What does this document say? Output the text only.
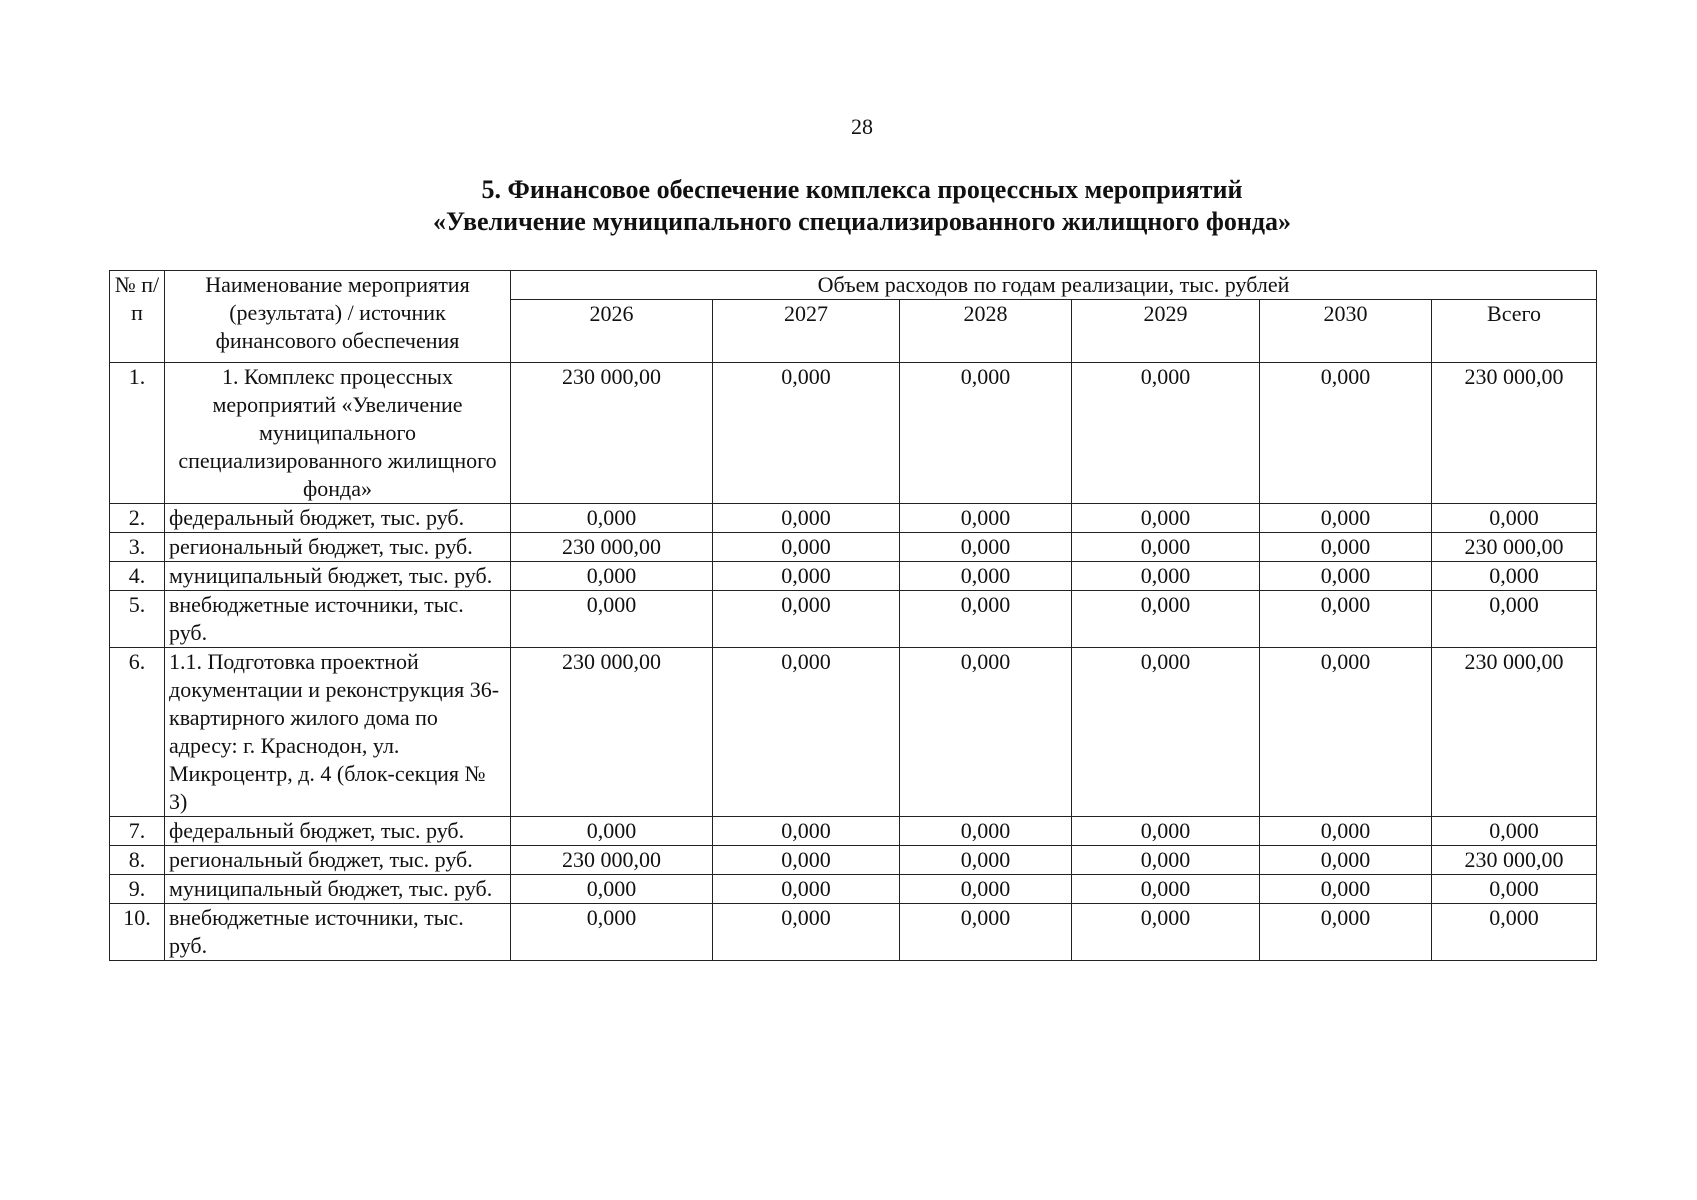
28
5. Финансовое обеспечение комплекса процессных мероприятий
«Увеличение муниципального специализированного жилищного фонда»
№ п/п	Наименование мероприятия (результата) / источник финансового обеспечения	Объем расходов по годам реализации, тыс. рублей					
		2026	2027	2028	2029	2030	Всего
1.	1. Комплекс процессных мероприятий «Увеличение муниципального специализированного жилищного фонда»	230 000,00	0,000	0,000	0,000	0,000	230 000,00
2.	федеральный бюджет, тыс. руб.	0,000	0,000	0,000	0,000	0,000	0,000
3.	региональный бюджет, тыс. руб.	230 000,00	0,000	0,000	0,000	0,000	230 000,00
4.	муниципальный бюджет, тыс. руб.	0,000	0,000	0,000	0,000	0,000	0,000
5.	внебюджетные источники, тыс. руб.	0,000	0,000	0,000	0,000	0,000	0,000
6.	1.1. Подготовка проектной документации и реконструкция 36-квартирного жилого дома по адресу: г. Краснодон, ул. Микроцентр, д. 4 (блок-секция № 3)	230 000,00	0,000	0,000	0,000	0,000	230 000,00
7.	федеральный бюджет, тыс. руб.	0,000	0,000	0,000	0,000	0,000	0,000
8.	региональный бюджет, тыс. руб.	230 000,00	0,000	0,000	0,000	0,000	230 000,00
9.	муниципальный бюджет, тыс. руб.	0,000	0,000	0,000	0,000	0,000	0,000
10.	внебюджетные источники, тыс. руб.	0,000	0,000	0,000	0,000	0,000	0,000
